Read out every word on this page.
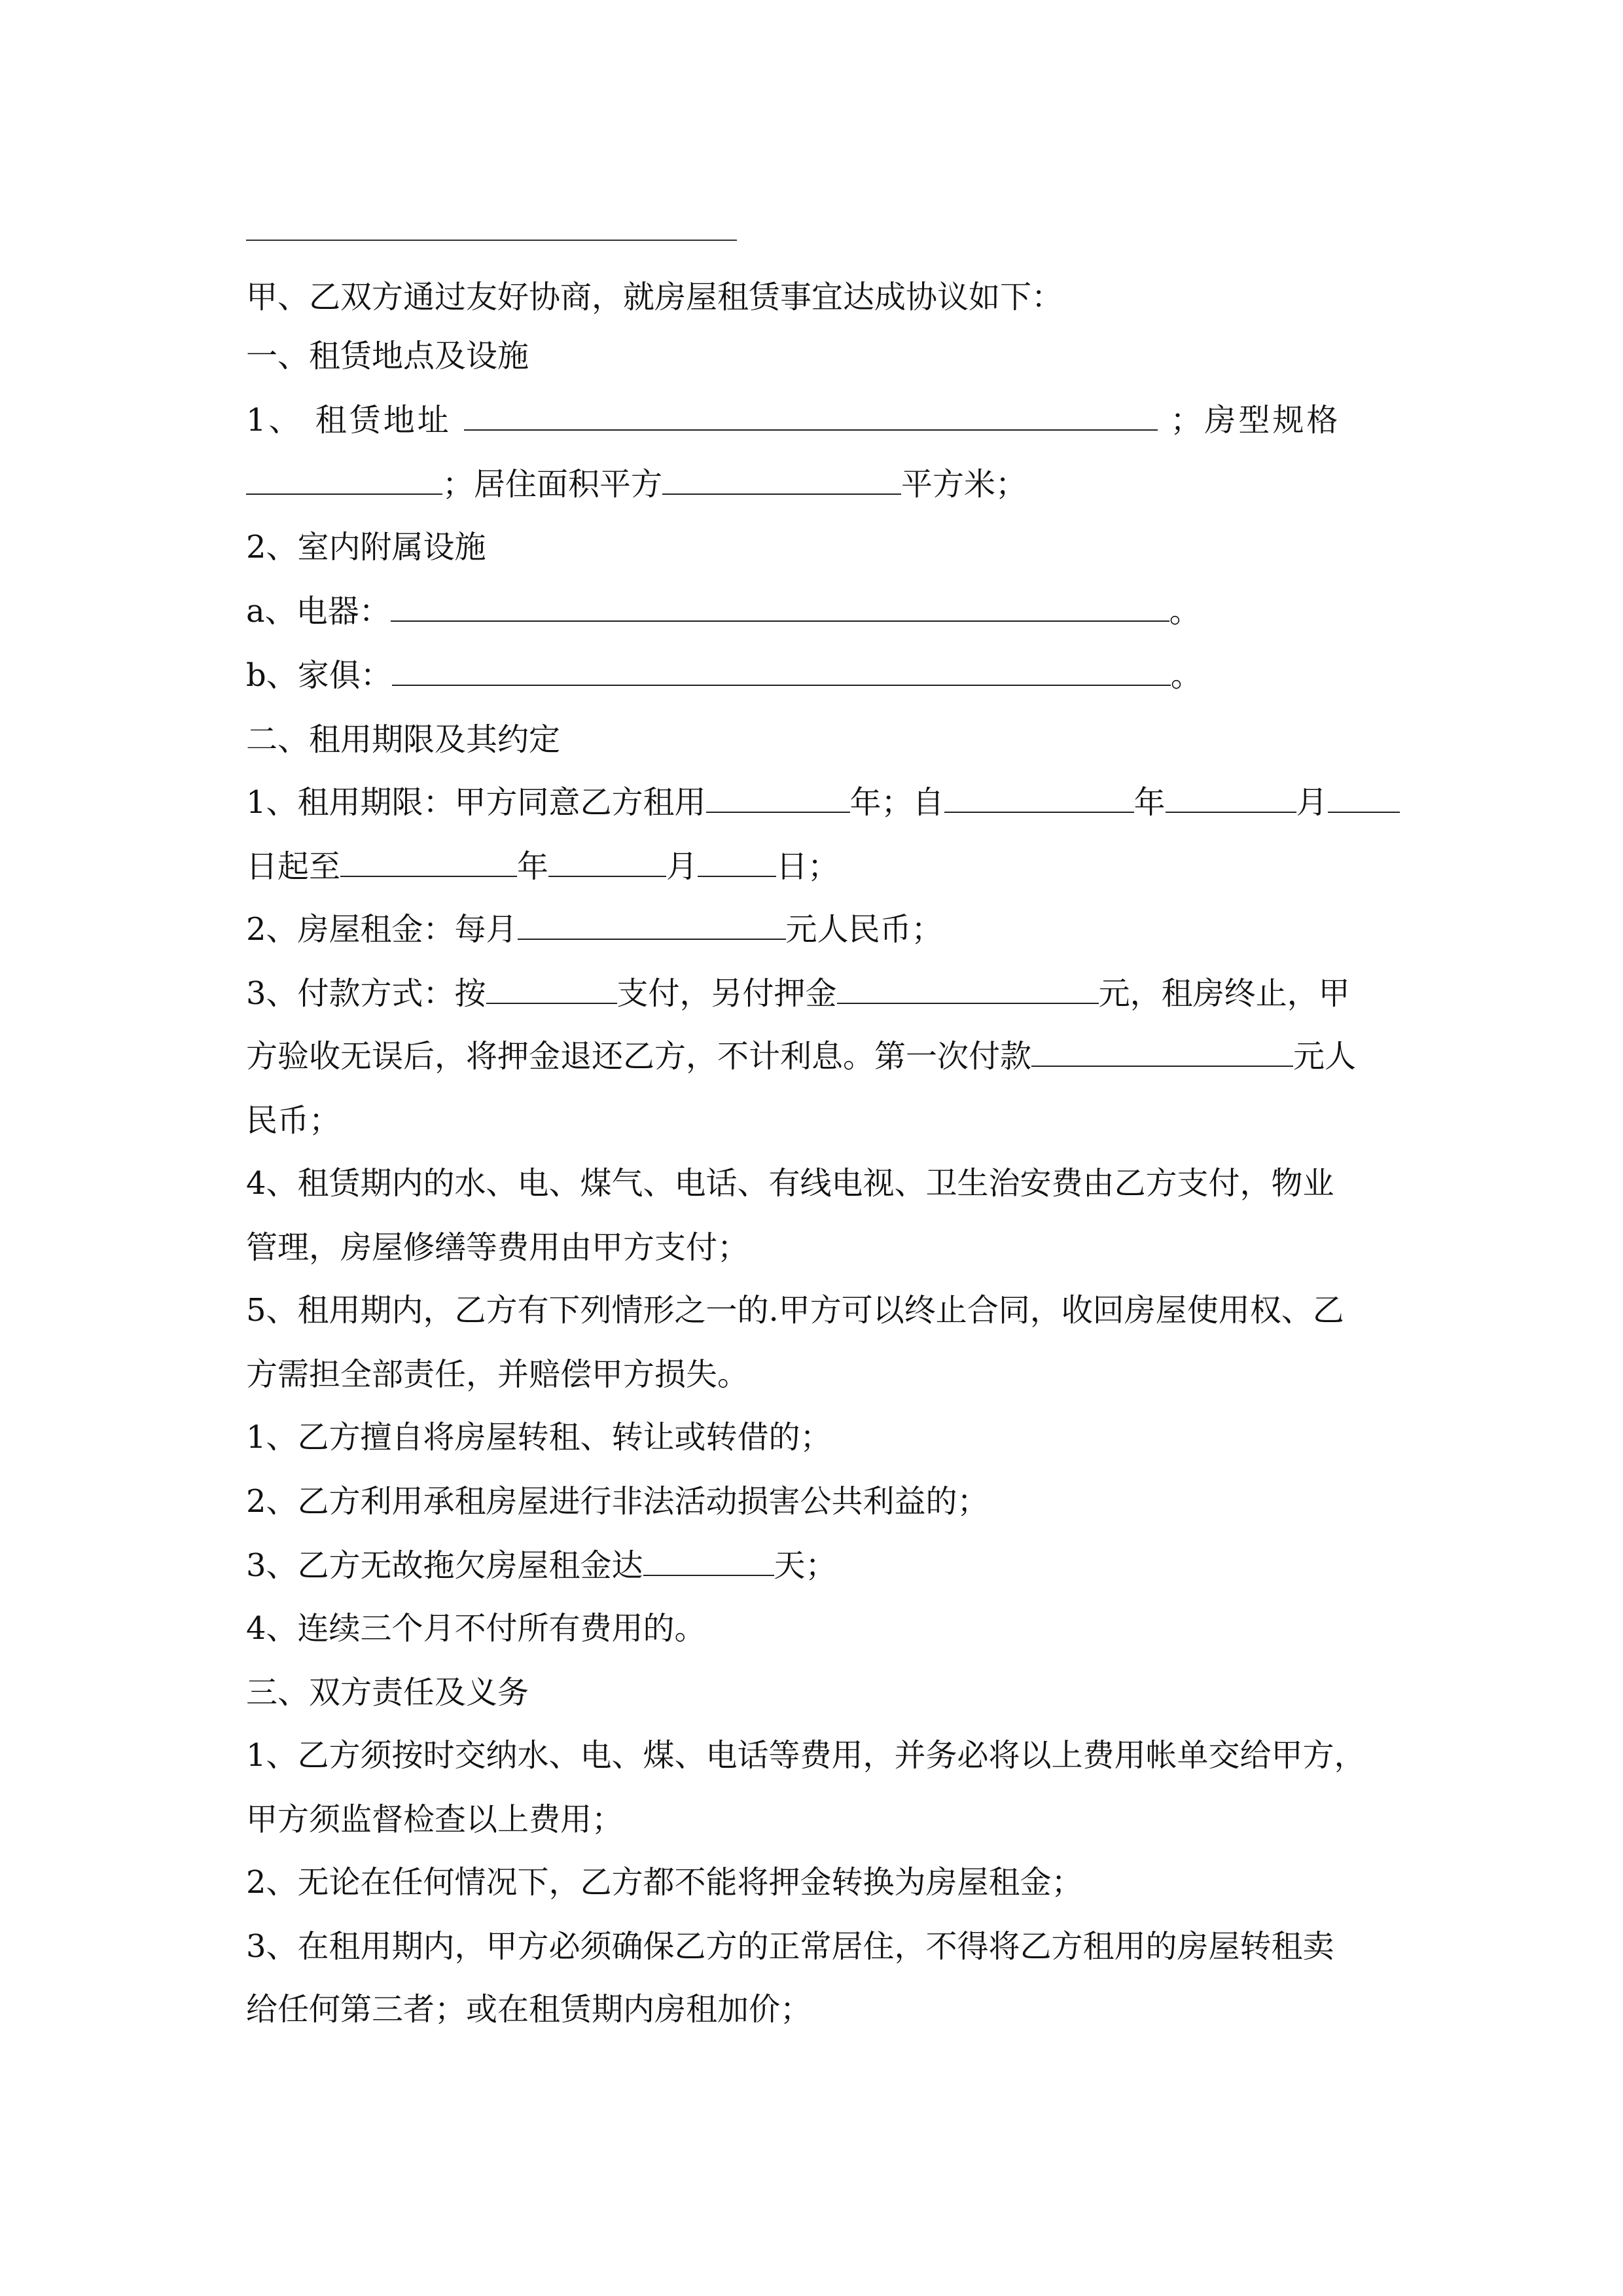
甲、乙双方通过友好协商，就房屋租赁事宜达成协议如下：
一、租赁地点及设施
1、 租赁地址	；房型规格
；居住面积平方	平方米；
2、室内附属设施
a、电器：	。
b、家俱：	。
二、租用期限及其约定
1、租用期限：甲方同意乙方租用	年；自	年	月
日起至	年	月	日；
2、房屋租金：每月	元人民币；
3、付款方式：按	支付，另付押金	元，租房终止，甲
方验收无误后，将押金退还乙方，不计利息。第一次付款	元人
民币；
4、租赁期内的水、电、煤气、电话、有线电视、卫生治安费由乙方支付，物业
管理，房屋修缮等费用由甲方支付；
5、租用期内，乙方有下列情形之一的.甲方可以终止合同，收回房屋使用权、乙
方需担全部责任，并赔偿甲方损失。
1、乙方擅自将房屋转租、转让或转借的；
2、乙方利用承租房屋进行非法活动损害公共利益的；
3、乙方无故拖欠房屋租金达	天；
4、连续三个月不付所有费用的。
三、双方责任及义务
1、乙方须按时交纳水、电、煤、电话等费用，并务必将以上费用帐单交给甲方，
甲方须监督检查以上费用；
2、无论在任何情况下，乙方都不能将押金转换为房屋租金；
3、在租用期内，甲方必须确保乙方的正常居住，不得将乙方租用的房屋转租卖
给任何第三者；或在租赁期内房租加价；
